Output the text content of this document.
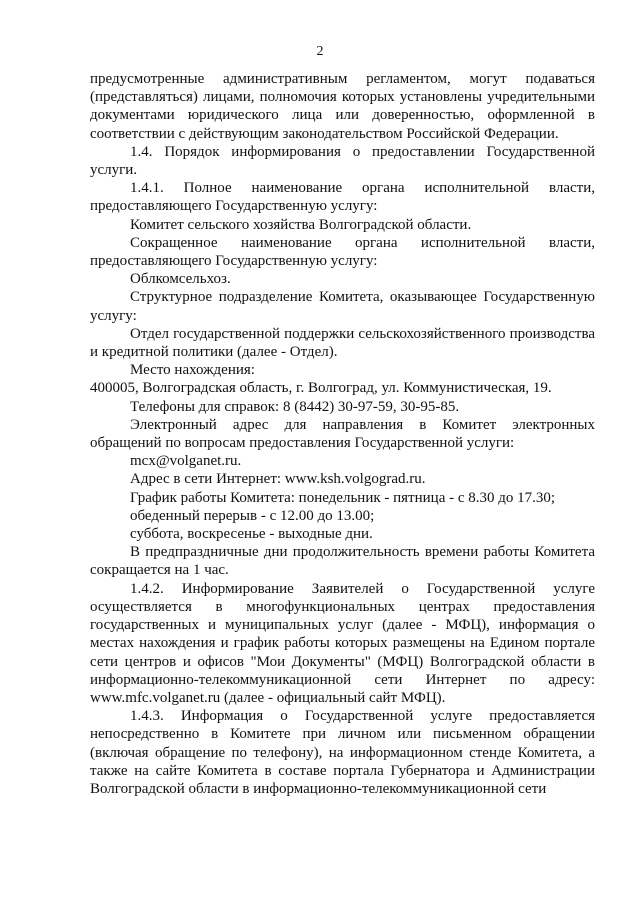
2

предусмотренные административным регламентом, могут подаваться (представляться) лицами, полномочия которых установлены учредительными документами юридического лица или доверенностью, оформленной в соответствии с действующим законодательством Российской Федерации.

1.4. Порядок информирования о предоставлении Государственной услуги.

1.4.1. Полное наименование органа исполнительной власти, предоставляющего Государственную услугу:

Комитет сельского хозяйства Волгоградской области.

Сокращенное наименование органа исполнительной власти, предоставляющего Государственную услугу:

Облкомсельхоз.

Структурное подразделение Комитета, оказывающее Государственную услугу:

Отдел государственной поддержки сельскохозяйственного производства и кредитной политики (далее - Отдел).

Место нахождения:

400005, Волгоградская область, г. Волгоград, ул. Коммунистическая, 19.

Телефоны для справок: 8 (8442) 30-97-59, 30-95-85.

Электронный адрес для направления в Комитет электронных обращений по вопросам предоставления Государственной услуги:

mcx@volganet.ru.

Адрес в сети Интернет: www.ksh.volgograd.ru.

График работы Комитета: понедельник - пятница - с 8.30 до 17.30;

обеденный перерыв - с 12.00 до 13.00;

суббота, воскресенье - выходные дни.

В предпраздничные дни продолжительность времени работы Комитета сокращается на 1 час.

1.4.2. Информирование Заявителей о Государственной услуге осуществляется в многофункциональных центрах предоставления государственных и муниципальных услуг (далее - МФЦ), информация о местах нахождения и график работы которых размещены на Едином портале сети центров и офисов "Мои Документы" (МФЦ) Волгоградской области в информационно-телекоммуникационной сети Интернет по адресу: www.mfc.volganet.ru (далее - официальный сайт МФЦ).

1.4.3. Информация о Государственной услуге предоставляется непосредственно в Комитете при личном или письменном обращении (включая обращение по телефону), на информационном стенде Комитета, а также на сайте Комитета в составе портала Губернатора и Администрации Волгоградской области в информационно-телекоммуникационной сети
